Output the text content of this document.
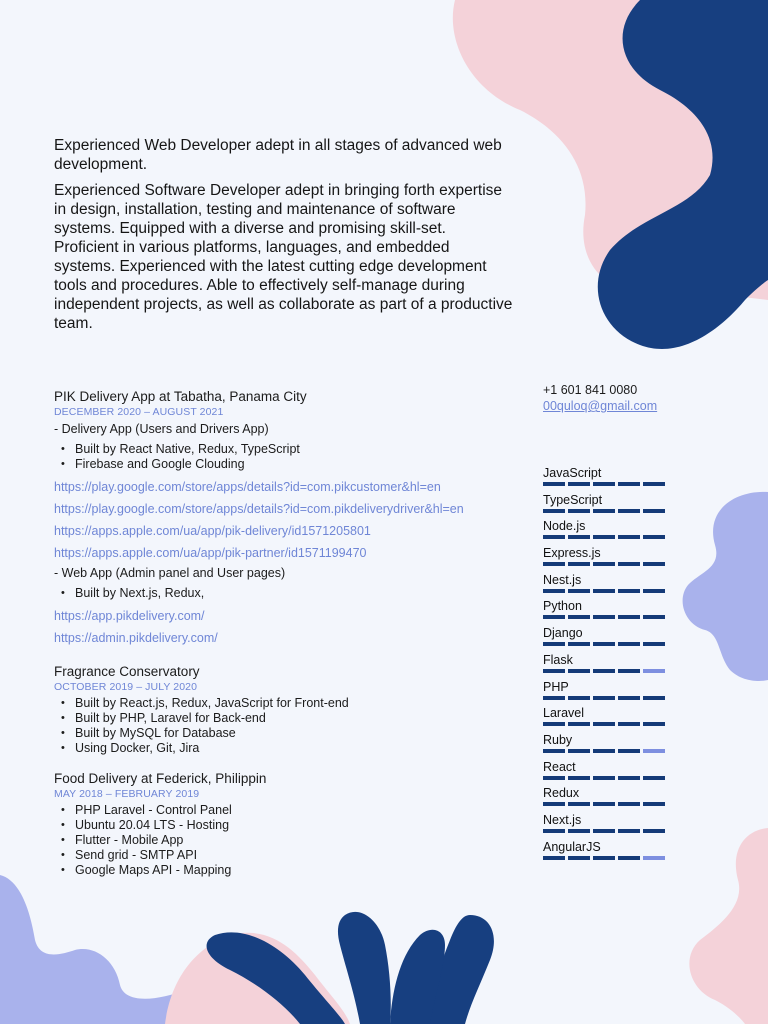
Experienced Web Developer adept in all stages of advanced web development.

Experienced Software Developer adept in bringing forth expertise in design, installation, testing and maintenance of software systems. Equipped with a diverse and promising skill-set. Proficient in various platforms, languages, and embedded systems. Experienced with the latest cutting edge development tools and procedures. Able to effectively self-manage during independent projects, as well as collaborate as part of a productive team.

PIK Delivery App at Tabatha, Panama City

DECEMBER 2020 – AUGUST 2021

- Delivery App (Users and Drivers App)

• Built by React Native, Redux, TypeScript
• Firebase and Google Clouding
https://play.google.com/store/apps/details?id=com.pikcustomer&hl=en
https://play.google.com/store/apps/details?id=com.pikdeliverydriver&hl=en
https://apps.apple.com/ua/app/pik-delivery/id1571205801
https://apps.apple.com/ua/app/pik-partner/id1571199470

- Web App (Admin panel and User pages)

• Built by Next.js, Redux,
https://app.pikdelivery.com/
https://admin.pikdelivery.com/

Fragrance Conservatory

OCTOBER 2019 – JULY 2020

• Built by React.js, Redux, JavaScript for Front-end
• Built by PHP, Laravel for Back-end
• Built by MySQL for Database
• Using Docker, Git, Jira

Food Delivery at Federick, Philippin

MAY 2018 – FEBRUARY 2019

• PHP Laravel - Control Panel
• Ubuntu 20.04 LTS - Hosting
• Flutter - Mobile App
• Send grid - SMTP API
• Google Maps API - Mapping
+1 601 841 0080
00quloq@gmail.com
JavaScript
TypeScript
Node.js
Express.js
Nest.js
Python
Django
Flask
PHP
Laravel
Ruby
React
Redux
Next.js
AngularJS
